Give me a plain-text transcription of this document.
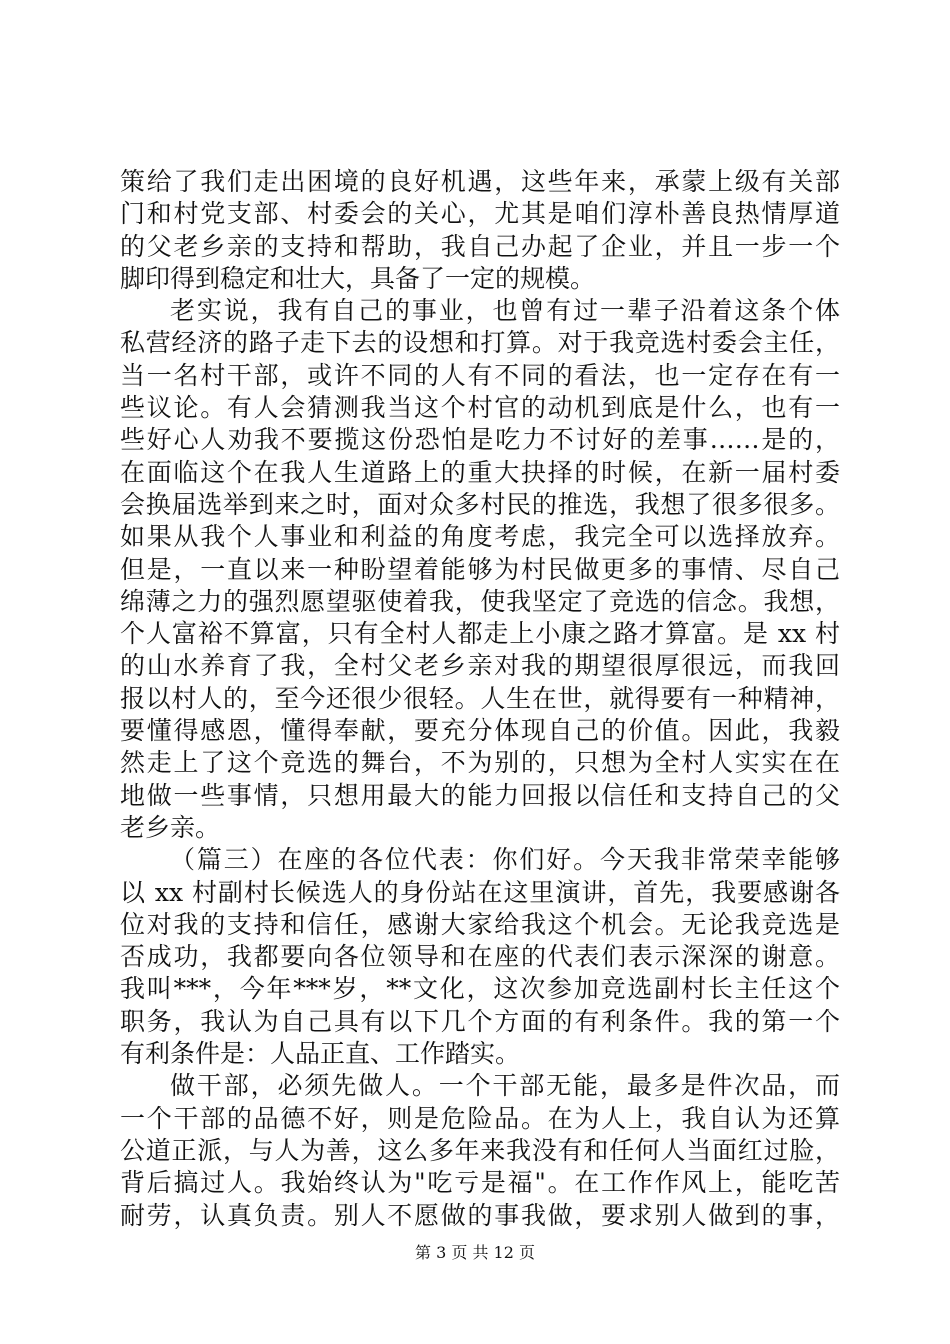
策给了我们走出困境的良好机遇，这些年来，承蒙上级有关部
门和村党支部、村委会的关心，尤其是咱们淳朴善良热情厚道
的父老乡亲的支持和帮助，我自己办起了企业，并且一步一个
脚印得到稳定和壮大，具备了一定的规模。
老实说，我有自己的事业，也曾有过一辈子沿着这条个体
私营经济的路子走下去的设想和打算。对于我竞选村委会主任，
当一名村干部，或许不同的人有不同的看法，也一定存在有一
些议论。有人会猜测我当这个村官的动机到底是什么，也有一
些好心人劝我不要揽这份恐怕是吃力不讨好的差事……是的，
在面临这个在我人生道路上的重大抉择的时候，在新一届村委
会换届选举到来之时，面对众多村民的推选，我想了很多很多。
如果从我个人事业和利益的角度考虑，我完全可以选择放弃。
但是，一直以来一种盼望着能够为村民做更多的事情、尽自己
绵薄之力的强烈愿望驱使着我，使我坚定了竞选的信念。我想，
个人富裕不算富，只有全村人都走上小康之路才算富。是 xx 村
的山水养育了我，全村父老乡亲对我的期望很厚很远，而我回
报以村人的，至今还很少很轻。人生在世，就得要有一种精神，
要懂得感恩，懂得奉献，要充分体现自己的价值。因此，我毅
然走上了这个竞选的舞台，不为别的，只想为全村人实实在在
地做一些事情，只想用最大的能力回报以信任和支持自己的父
老乡亲。
（篇三）在座的各位代表：你们好。今天我非常荣幸能够
以 xx 村副村长候选人的身份站在这里演讲，首先，我要感谢各
位对我的支持和信任，感谢大家给我这个机会。无论我竞选是
否成功，我都要向各位领导和在座的代表们表示深深的谢意。
我叫***，今年***岁，**文化，这次参加竞选副村长主任这个
职务，我认为自己具有以下几个方面的有利条件。我的第一个
有利条件是：人品正直、工作踏实。
做干部，必须先做人。一个干部无能，最多是件次品，而
一个干部的品德不好，则是危险品。在为人上，我自认为还算
公道正派，与人为善，这么多年来我没有和任何人当面红过脸，
背后搞过人。我始终认为"吃亏是福"。在工作作风上，能吃苦
耐劳，认真负责。别人不愿做的事我做，要求别人做到的事，
第 3 页 共 12 页
